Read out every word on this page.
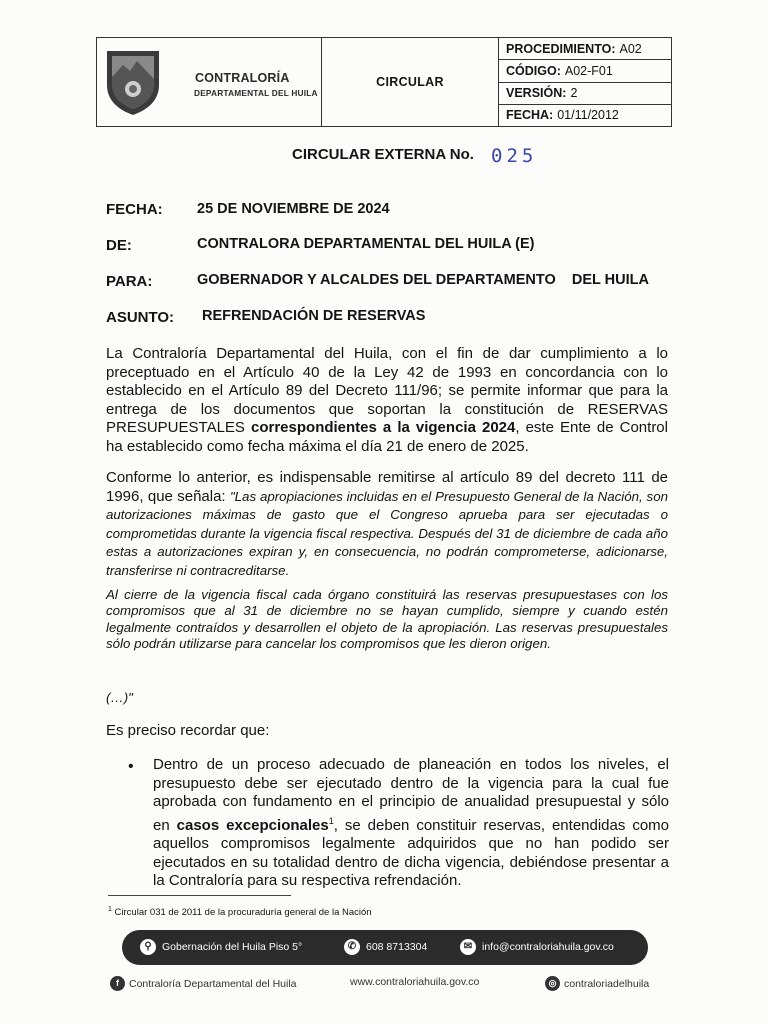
CONTRALORÍA
DEPARTAMENTAL DEL HUILA
CIRCULAR
PROCEDIMIENTO: A02
CÓDIGO: A02-F01
VERSIÓN: 2
FECHA: 01/11/2012
CIRCULAR EXTERNA No. 025
FECHA: 25 DE NOVIEMBRE DE 2024
DE:	CONTRALORA DEPARTAMENTAL DEL HUILA (E)
PARA:	GOBERNADOR Y ALCALDES DEL DEPARTAMENTO    DEL HUILA
ASUNTO: REFRENDACIÓN DE RESERVAS
La Contraloría Departamental del Huila, con el fin de dar cumplimiento a lo preceptuado en el Artículo 40 de la Ley 42 de 1993 en concordancia con lo establecido en el Artículo 89 del Decreto 111/96; se permite informar que para la entrega de los documentos que soportan la constitución de RESERVAS PRESUPUESTALES correspondientes a la vigencia 2024, este Ente de Control ha establecido como fecha máxima el día 21 de enero de 2025.
Conforme lo anterior, es indispensable remitirse al artículo 89 del decreto 111 de 1996, que señala: "Las apropiaciones incluidas en el Presupuesto General de la Nación, son autorizaciones máximas de gasto que el Congreso aprueba para ser ejecutadas o comprometidas durante la vigencia fiscal respectiva. Después del 31 de diciembre de cada año estas a autorizaciones expiran y, en consecuencia, no podrán comprometerse, adicionarse, transferirse ni contracreditarse.
Al cierre de la vigencia fiscal cada órgano constituirá las reservas presupuestases con los compromisos que al 31 de diciembre no se hayan cumplido, siempre y cuando estén legalmente contraídos y desarrollen el objeto de la apropiación. Las reservas presupuestales sólo podrán utilizarse para cancelar los compromisos que les dieron origen.
(…)"
Es preciso recordar que:
• Dentro de un proceso adecuado de planeación en todos los niveles, el presupuesto debe ser ejecutado dentro de la vigencia para la cual fue aprobada con fundamento en el principio de anualidad presupuestal y sólo en casos excepcionales$^1$, se deben constituir reservas, entendidas como aquellos compromisos legalmente adquiridos que no han podido ser ejecutados en su totalidad dentro de dicha vigencia, debiéndose presentar a la Contraloría para su respectiva refrendación.
$^1$ Circular 031 de 2011 de la procuraduría general de la Nación
⚲ Gobernación del Huila Piso 5°	✆ 608 8713304	✉ info@contraloriahuila.gov.co
f Contraloría Departamental del Huila	www.contraloriahuila.gov.co	◎ contraloriadelhuila
